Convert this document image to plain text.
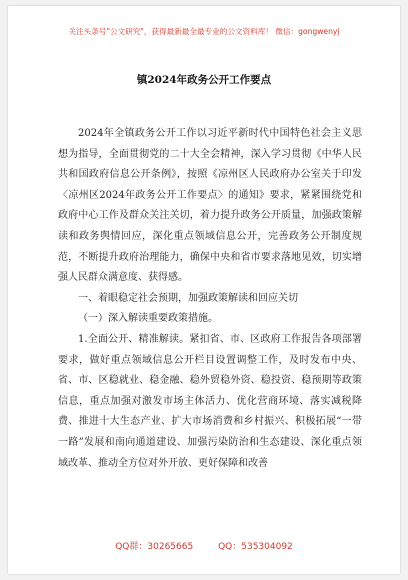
关注头条号"公文研究"，获得最新最全最专业的公文资料库！ 微信：gongwenyj
镇2024年政务公开工作要点

2024年全镇政务公开工作以习近平新时代中国特色社会主义思想为指导，全面贯彻党的二十大全会精神，深入学习贯彻《中华人民共和国政府信息公开条例》，按照《凉州区人民政府办公室关于印发〈凉州区2024年政务公开工作要点〉的通知》要求，紧紧围绕党和政府中心工作及群众关注关切，着力提升政务公开质量，加强政策解读和政务舆情回应，深化重点领域信息公开，完善政务公开制度规范，不断提升政府治理能力，确保中央和省市要求落地见效，切实增强人民群众满意度、获得感。

一、着眼稳定社会预期，加强政策解读和回应关切

（一）深入解读重要政策措施。

1.全面公开、精准解读。紧扣省、市、区政府工作报告各项部署要求，做好重点领域信息公开栏目设置调整工作，及时发布中央、省、市、区稳就业、稳金融、稳外贸稳外资、稳投资、稳预期等政策信息，重点加强对激发市场主体活力、优化营商环境、落实减税降费、推进十大生态产业、扩大市场消费和乡村振兴、积极拓展“一带一路”发展和南向通道建设、加强污染防治和生态建设、深化重点领域改革、推动全方位对外开放、更好保障和改善

QQ群：30265665	QQ：535304092
